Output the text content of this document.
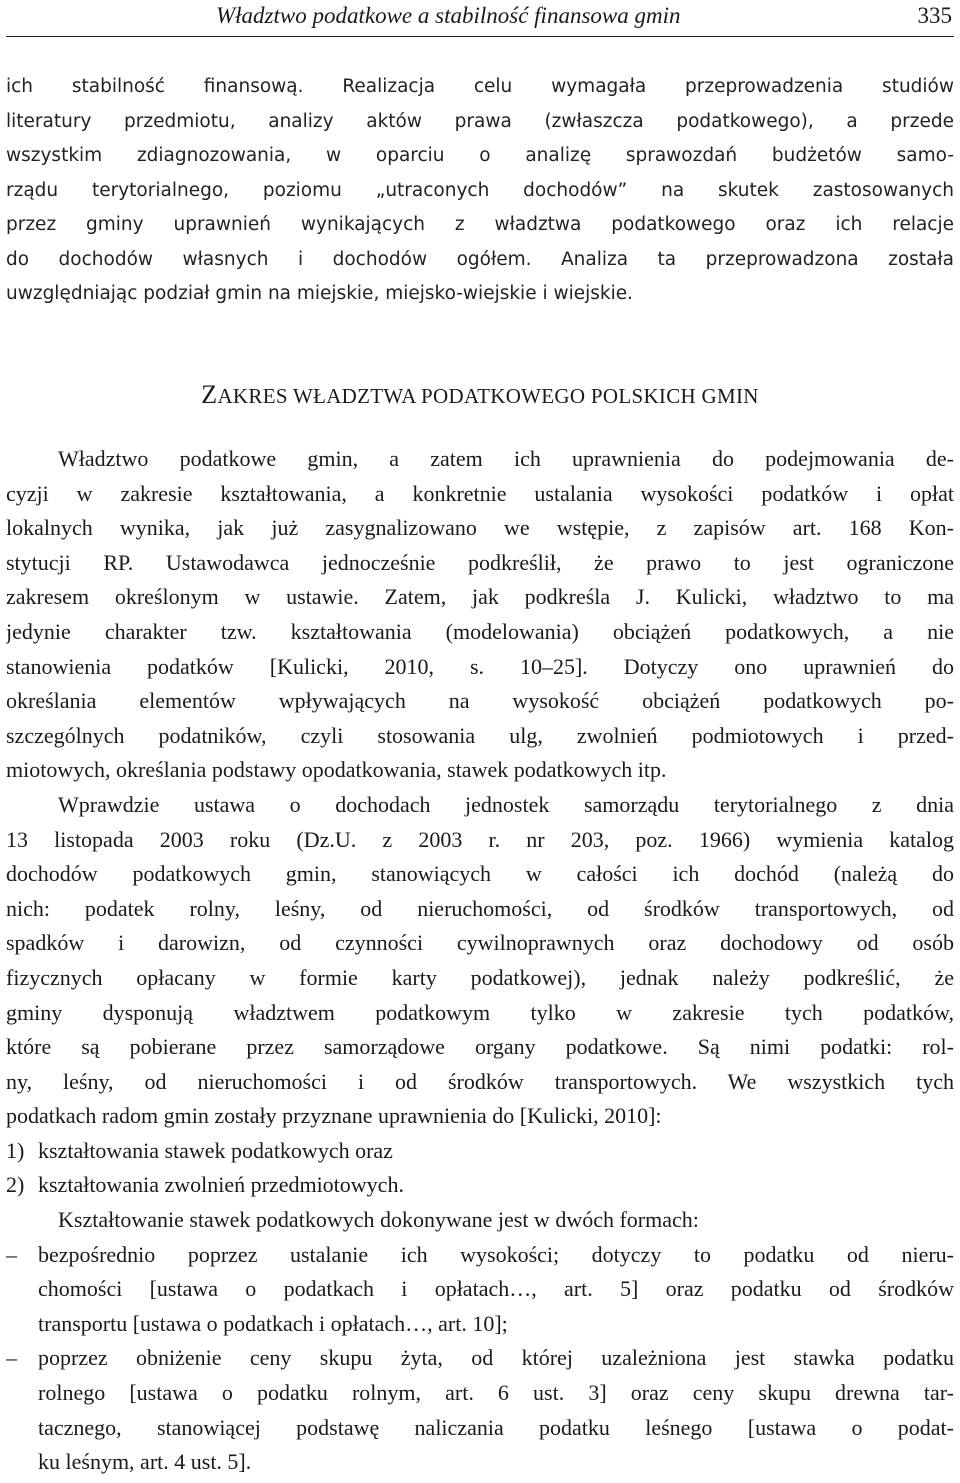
Władztwo podatkowe a stabilność finansowa gmin	335
ich stabilność finansową. Realizacja celu wymagała przeprowadzenia studiów
literatury przedmiotu, analizy aktów prawa (zwłaszcza podatkowego), a przede
wszystkim zdiagnozowania, w oparciu o analizę sprawozdań budżetów samo-
rządu terytorialnego, poziomu „utraconych dochodów” na skutek zastosowanych
przez gminy uprawnień wynikających z władztwa podatkowego oraz ich relacje
do dochodów własnych i dochodów ogółem. Analiza ta przeprowadzona została
uwzględniając podział gmin na miejskie, miejsko-wiejskie i wiejskie.
ZAKRES WŁADZTWA PODATKOWEGO POLSKICH GMIN
Władztwo podatkowe gmin, a zatem ich uprawnienia do podejmowania de-
cyzji w zakresie kształtowania, a konkretnie ustalania wysokości podatków i opłat
lokalnych wynika, jak już zasygnalizowano we wstępie, z zapisów art. 168 Kon-
stytucji RP. Ustawodawca jednocześnie podkreślił, że prawo to jest ograniczone
zakresem określonym w ustawie. Zatem, jak podkreśla J. Kulicki, władztwo to ma
jedynie charakter tzw. kształtowania (modelowania) obciążeń podatkowych, a nie
stanowienia podatków [Kulicki, 2010, s. 10–25]. Dotyczy ono uprawnień do
określania elementów wpływających na wysokość obciążeń podatkowych po-
szczególnych podatników, czyli stosowania ulg, zwolnień podmiotowych i przed-
miotowych, określania podstawy opodatkowania, stawek podatkowych itp.
Wprawdzie ustawa o dochodach jednostek samorządu terytorialnego z dnia
13 listopada 2003 roku (Dz.U. z 2003 r. nr 203, poz. 1966) wymienia katalog
dochodów podatkowych gmin, stanowiących w całości ich dochód (należą do
nich: podatek rolny, leśny, od nieruchomości, od środków transportowych, od
spadków i darowizn, od czynności cywilnoprawnych oraz dochodowy od osób
fizycznych opłacany w formie karty podatkowej), jednak należy podkreślić, że
gminy dysponują władztwem podatkowym tylko w zakresie tych podatków,
które są pobierane przez samorządowe organy podatkowe. Są nimi podatki: rol-
ny, leśny, od nieruchomości i od środków transportowych. We wszystkich tych
podatkach radom gmin zostały przyznane uprawnienia do [Kulicki, 2010]:
1) kształtowania stawek podatkowych oraz
2) kształtowania zwolnień przedmiotowych.
Kształtowanie stawek podatkowych dokonywane jest w dwóch formach:
– bezpośrednio poprzez ustalanie ich wysokości; dotyczy to podatku od nieru-
chomości [ustawa o podatkach i opłatach…, art. 5] oraz podatku od środków
transportu [ustawa o podatkach i opłatach…, art. 10];
– poprzez obniżenie ceny skupu żyta, od której uzależniona jest stawka podatku
rolnego [ustawa o podatku rolnym, art. 6 ust. 3] oraz ceny skupu drewna tar-
tacznego, stanowiącej podstawę naliczania podatku leśnego [ustawa o podat-
ku leśnym, art. 4 ust. 5].
